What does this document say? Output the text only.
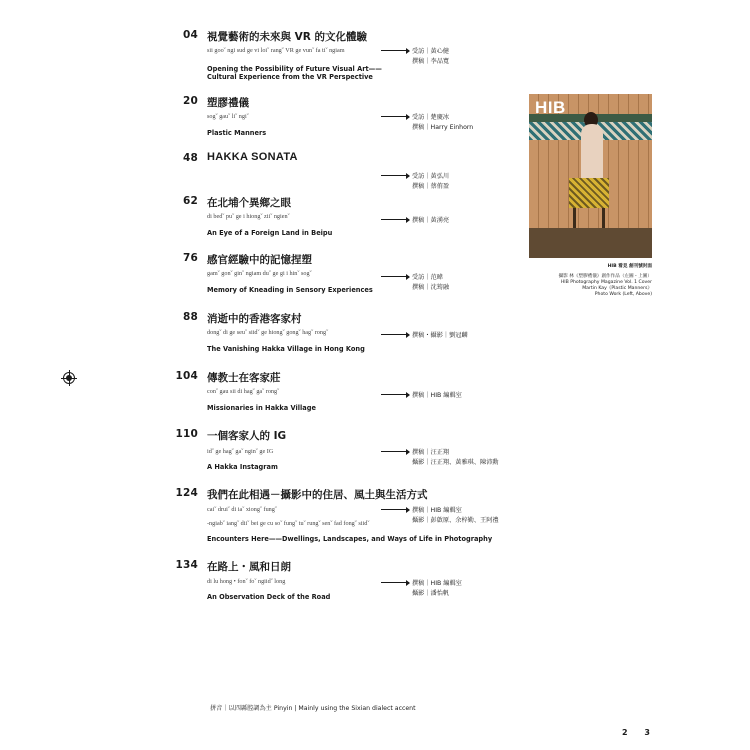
04 視覺藝術的未來與 VR 的文化體驗
sii gooˇ ngi sud ge vi loiˇ rangˇ VR ge vunˇ fa tiˇ ngiam
Opening the Possibility of Future Visual Art——
Cultural Experience from the VR Perspective
受訪｜黃心健
撰稿｜李品寬
20 塑膠禮儀
sogˇ gauˇ liˇ ngiˇ
Plastic Manners
受訪｜楚慶冰
撰稿｜Harry Einhorn
48 HAKKA SONATA
受訪｜黃弘川
撰稿｜蔡侑盈
62 在北埔个異鄉之眼
di bedˇ puˇ ge i hiongˇ ziiˇ ngienˇ
An Eye of a Foreign Land in Beipu
撰稿｜黃湧亮
76 感官經驗中的記憶捏塑
gamˇ gonˇ ginˇ ngiam duˇ ge gi i hinˇ sogˇ
Memory of Kneading in Sensory Experiences
受訪｜范暐
撰稿｜沈筠融
88 消逝中的香港客家村
dongˇ di ge seuˇ siidˇ ge hiongˇ gongˇ hagˇ rongˇ
The Vanishing Hakka Village in Hong Kong
撰稿・攝影｜劉冠麟
104 傳教士在客家莊
conˇ gau sii di hagˇ gaˇ rongˇ
Missionaries in Hakka Village
撰稿｜HIB 編輯室
110 一個客家人的 IG
idˇ ge hagˇ gaˇ nginˇ ge IG
A Hakka Instagram
撰稿｜汪正翔
攝影｜汪正翔、黃雅琪、陳沛勳
124 我們在此相遇－攝影中的住居、風土與生活方式
caiˇ druiˇ di iaˇ xiongˇ fungˇ
-ngiabˇ iangˇ diiˇ bei ge cu soˇ fungˇ tuˇ rungˇ senˇ fad fongˇ siidˇ
Encounters Here——Dwellings, Landscapes, and Ways of Life in Photography
撰稿｜HIB 編輯室
攝影｜彭啟原、余梓勤、王阿禮
134 在路上・風和日朗
di lu hong • fonˇ foˇ ngiidˇ long
An Observation Deck of the Road
撰稿｜HIB 編輯室
攝影｜潘怡帆
HIB
HIB 看見 創刊號封面
攝影 林《塑膠禮儀》創作作品（左圖・上圖）
HIB Photography Magazine Vol. 1 Cover
Martin Kay《Plastic Manners》
Photo Work (Left, Above)
拼音｜以四縣腔調為主 Pinyin | Mainly using the Sixian dialect accent
2 3
